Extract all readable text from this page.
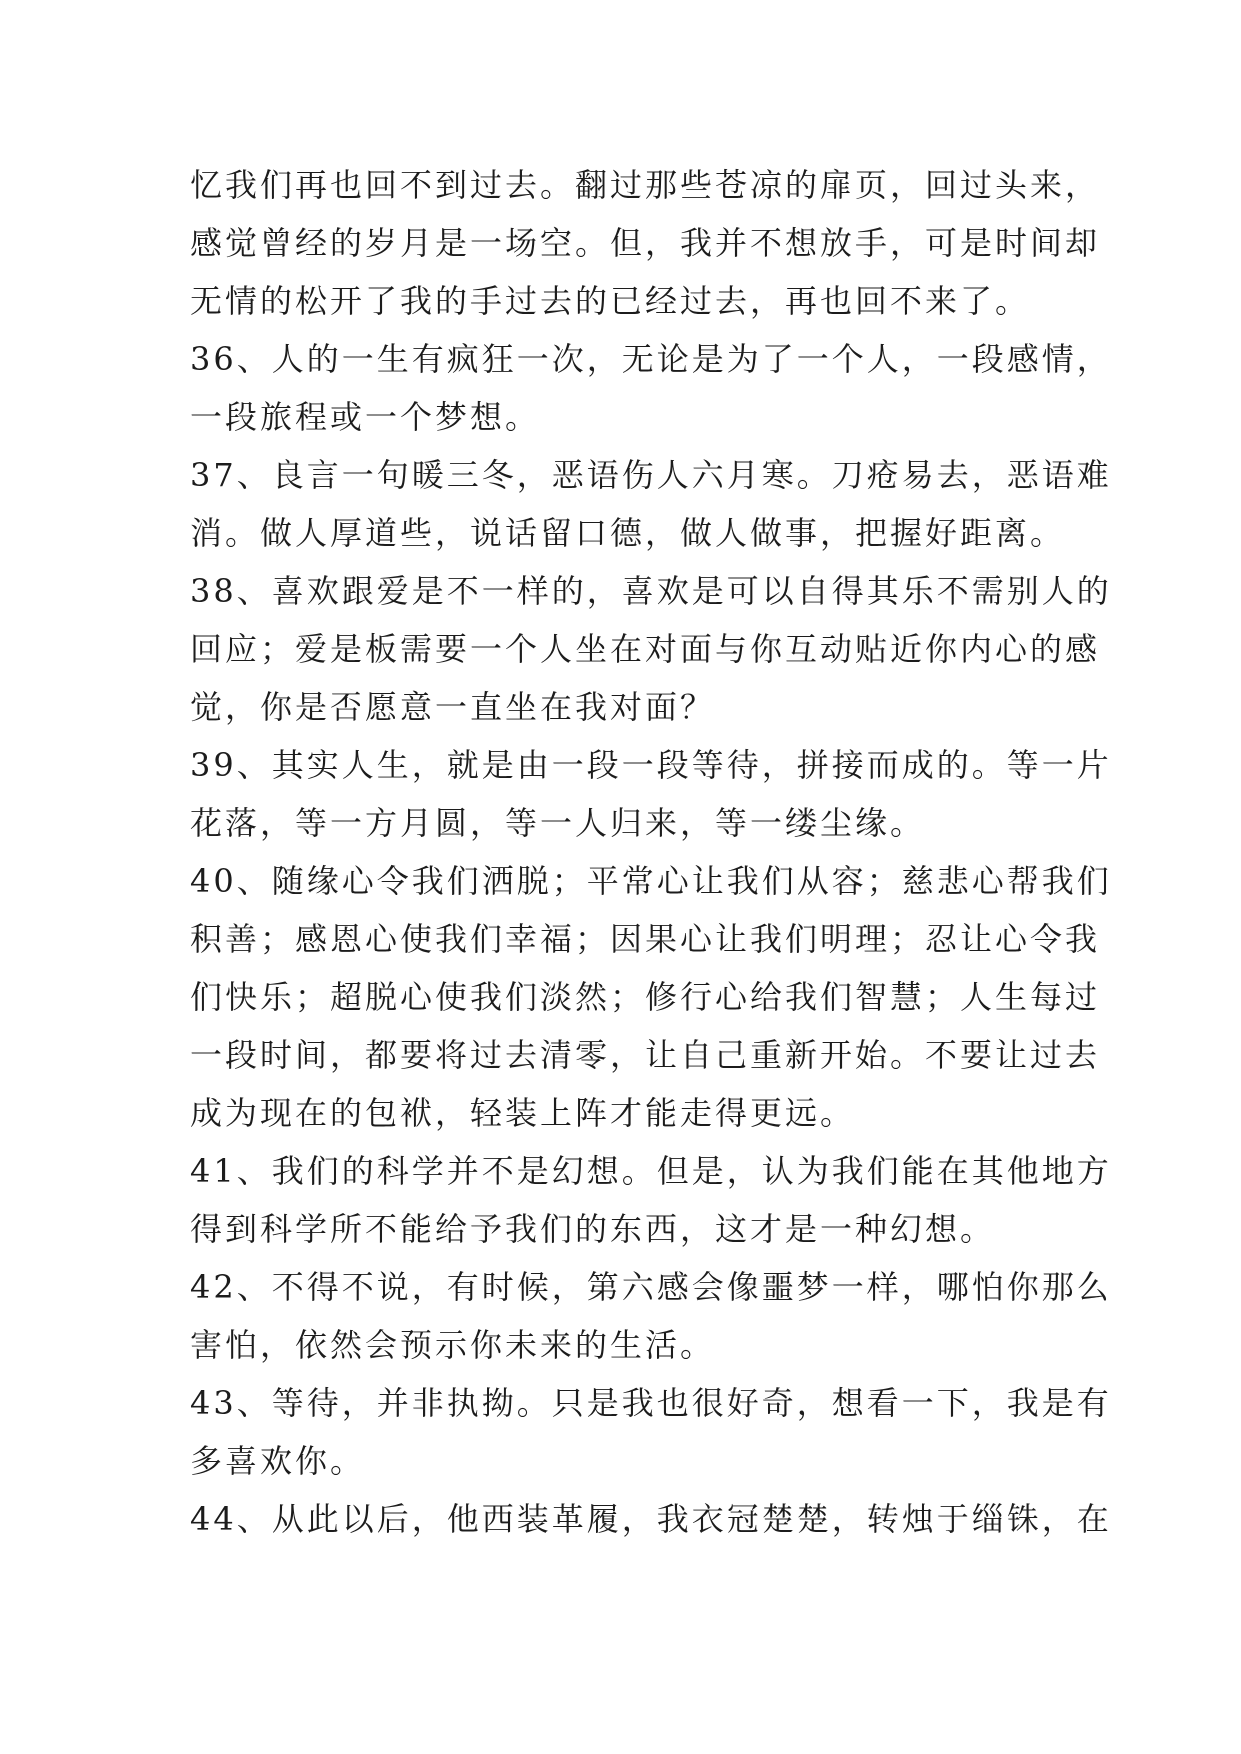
忆我们再也回不到过去。翻过那些苍凉的扉页，回过头来，
感觉曾经的岁月是一场空。但，我并不想放手，可是时间却
无情的松开了我的手过去的已经过去，再也回不来了。
36、人的一生有疯狂一次，无论是为了一个人，一段感情，
一段旅程或一个梦想。
37、良言一句暖三冬，恶语伤人六月寒。刀疮易去，恶语难
消。做人厚道些，说话留口德，做人做事，把握好距离。
38、喜欢跟爱是不一样的，喜欢是可以自得其乐不需别人的
回应；爱是板需要一个人坐在对面与你互动贴近你内心的感
觉，你是否愿意一直坐在我对面？
39、其实人生，就是由一段一段等待，拼接而成的。等一片
花落，等一方月圆，等一人归来，等一缕尘缘。
40、随缘心令我们洒脱；平常心让我们从容；慈悲心帮我们
积善；感恩心使我们幸福；因果心让我们明理；忍让心令我
们快乐；超脱心使我们淡然；修行心给我们智慧；人生每过
一段时间，都要将过去清零，让自己重新开始。不要让过去
成为现在的包袱，轻装上阵才能走得更远。
41、我们的科学并不是幻想。但是，认为我们能在其他地方
得到科学所不能给予我们的东西，这才是一种幻想。
42、不得不说，有时候，第六感会像噩梦一样，哪怕你那么
害怕，依然会预示你未来的生活。
43、等待，并非执拗。只是我也很好奇，想看一下，我是有
多喜欢你。
44、从此以后，他西装革履，我衣冠楚楚，转烛于缁铢，在
